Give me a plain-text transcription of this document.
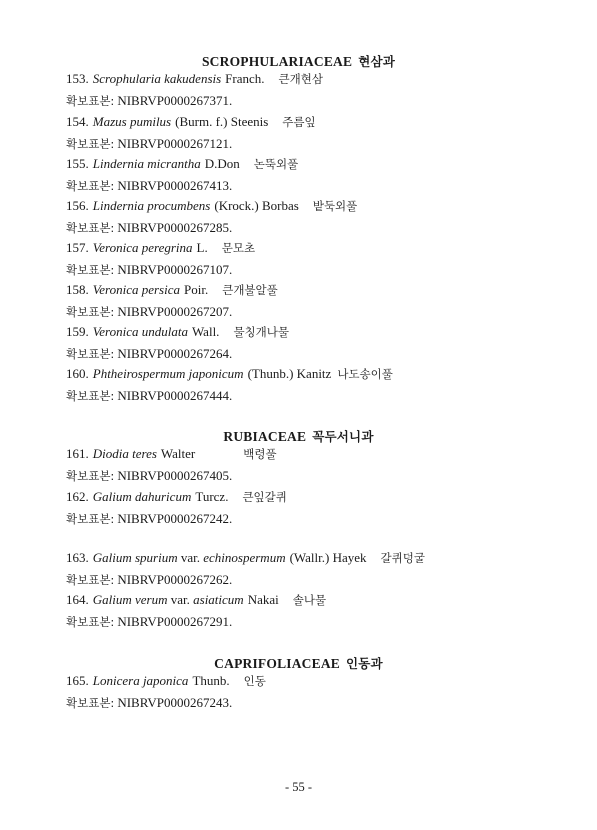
SCROPHULARIACEAE 현삼과
153. Scrophularia kakudensis Franch. 큰개현삼
확보표본: NIBRVP0000267371.
154. Mazus pumilus (Burm. f.) Steenis 주름잎
확보표본: NIBRVP0000267121.
155. Lindernia micrantha D.Don 논뚝외풀
확보표본: NIBRVP0000267413.
156. Lindernia procumbens (Krock.) Borbas 밭둑외풀
확보표본: NIBRVP0000267285.
157. Veronica peregrina L. 문모초
확보표본: NIBRVP0000267107.
158. Veronica persica Poir. 큰개불알풀
확보표본: NIBRVP0000267207.
159. Veronica undulata Wall. 물칭개나물
확보표본: NIBRVP0000267264.
160. Phtheirospermum japonicum (Thunb.) Kanitz 나도송이풀
확보표본: NIBRVP0000267444.
RUBIACEAE 꼭두서니과
161. Diodia teres Walter	백령풀
확보표본: NIBRVP0000267405.
162. Galium dahuricum Turcz. 큰잎갈퀴
확보표본: NIBRVP0000267242.
163. Galium spurium var. echinospermum (Wallr.) Hayek 갈퀴덩굴
확보표본: NIBRVP0000267262.
164. Galium verum var. asiaticum Nakai 솔나물
확보표본: NIBRVP0000267291.
CAPRIFOLIACEAE 인동과
165. Lonicera japonica Thunb. 인동
확보표본: NIBRVP0000267243.
- 55 -
